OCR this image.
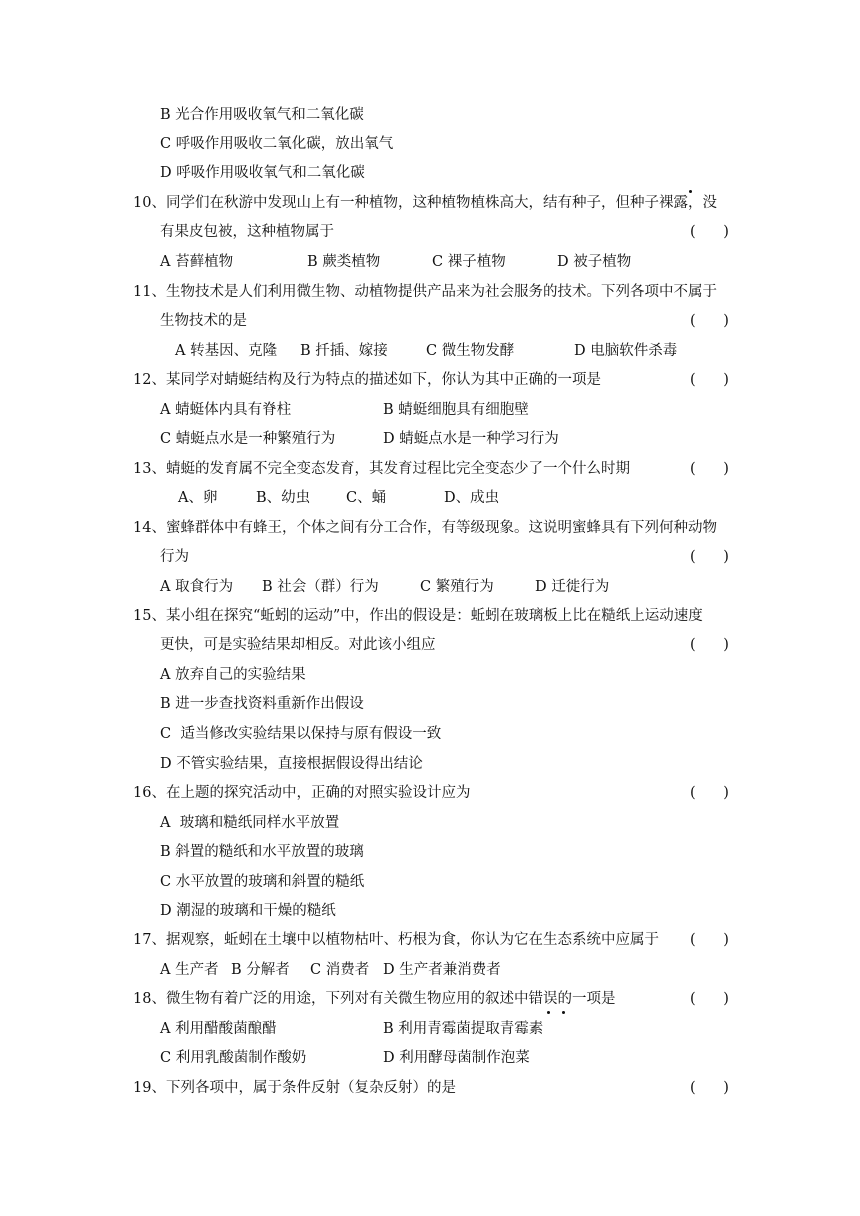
B 光合作用吸收氧气和二氧化碳
C 呼吸作用吸收二氧化碳，放出氧气
D 呼吸作用吸收氧气和二氧化碳
10、同学们在秋游中发现山上有一种植物，这种植物植株高大，结有种子，但种子裸露，没
有果皮包被，这种植物属于	(      )
A 苔藓植物	B 蕨类植物	C 裸子植物	D 被子植物
11、生物技术是人们利用微生物、动植物提供产品来为社会服务的技术。下列各项中不属于
生物技术的是	(      )
A 转基因、克隆 B 扦插、嫁接	C 微生物发酵	D 电脑软件杀毒
12、某同学对蜻蜓结构及行为特点的描述如下，你认为其中正确的一项是	(      )
A 蜻蜓体内具有脊柱	B 蜻蜓细胞具有细胞壁
C 蜻蜓点水是一种繁殖行为	D 蜻蜓点水是一种学习行为
13、蜻蜓的发育属不完全变态发育，其发育过程比完全变态少了一个什么时期	(      )
A、卵	B、幼虫 C、蛹	D、成虫
14、蜜蜂群体中有蜂王，个体之间有分工合作，有等级现象。这说明蜜蜂具有下列何种动物
行为	(      )
A 取食行为 B 社会（群）行为	C 繁殖行为	D 迁徙行为
15、某小组在探究“蚯蚓的运动”中，作出的假设是：蚯蚓在玻璃板上比在糙纸上运动速度
更快，可是实验结果却相反。对此该小组应	(      )
A 放弃自己的实验结果
B 进一步查找资料重新作出假设
C  适当修改实验结果以保持与原有假设一致
D 不管实验结果，直接根据假设得出结论
16、在上题的探究活动中，正确的对照实验设计应为	(      )
A  玻璃和糙纸同样水平放置
B 斜置的糙纸和水平放置的玻璃
C 水平放置的玻璃和斜置的糙纸
D 潮湿的玻璃和干燥的糙纸
17、据观察，蚯蚓在土壤中以植物枯叶、朽根为食，你认为它在生态系统中应属于 (      )
A 生产者 B 分解者 C 消费者 D 生产者兼消费者
18、微生物有着广泛的用途，下列对有关微生物应用的叙述中错误的一项是	(      )
A 利用醋酸菌酿醋	B 利用青霉菌提取青霉素
C 利用乳酸菌制作酸奶	D 利用酵母菌制作泡菜
19、下列各项中，属于条件反射（复杂反射）的是	(      )
